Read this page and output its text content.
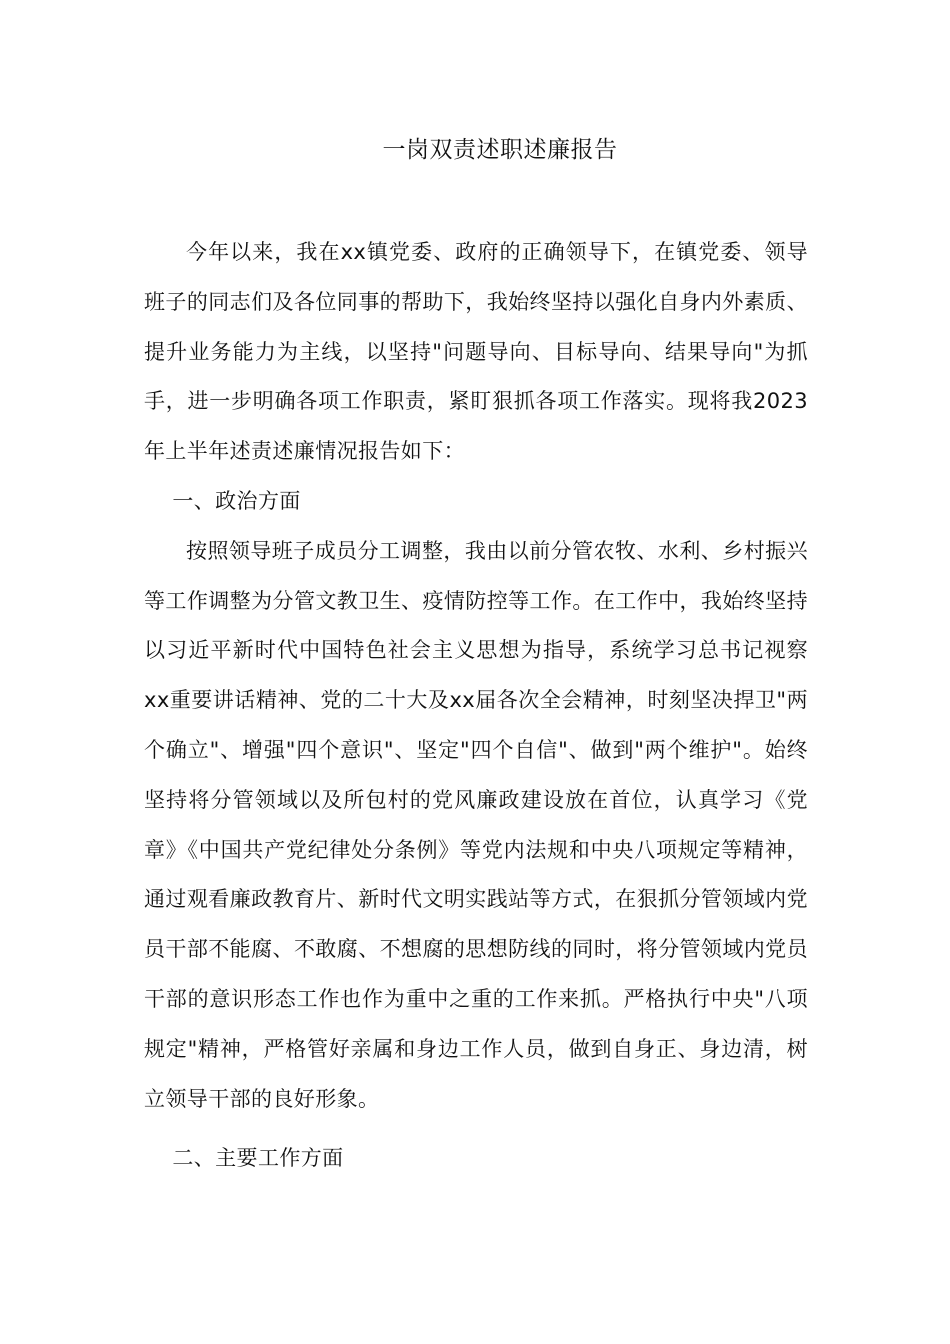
一岗双责述职述廉报告

今年以来，我在xx镇党委、政府的正确领导下，在镇党委、领导班子的同志们及各位同事的帮助下，我始终坚持以强化自身内外素质、提升业务能力为主线，以坚持"问题导向、目标导向、结果导向"为抓手，进一步明确各项工作职责，紧盯狠抓各项工作落实。现将我2023年上半年述责述廉情况报告如下：

一、政治方面

按照领导班子成员分工调整，我由以前分管农牧、水利、乡村振兴等工作调整为分管文教卫生、疫情防控等工作。在工作中，我始终坚持以习近平新时代中国特色社会主义思想为指导，系统学习总书记视察xx重要讲话精神、党的二十大及xx届各次全会精神，时刻坚决捍卫"两个确立"、增强"四个意识"、坚定"四个自信"、做到"两个维护"。始终坚持将分管领域以及所包村的党风廉政建设放在首位，认真学习《党章》《中国共产党纪律处分条例》等党内法规和中央八项规定等精神，通过观看廉政教育片、新时代文明实践站等方式，在狠抓分管领域内党员干部不能腐、不敢腐、不想腐的思想防线的同时，将分管领域内党员干部的意识形态工作也作为重中之重的工作来抓。严格执行中央"八项规定"精神，严格管好亲属和身边工作人员，做到自身正、身边清，树立领导干部的良好形象。

二、主要工作方面
